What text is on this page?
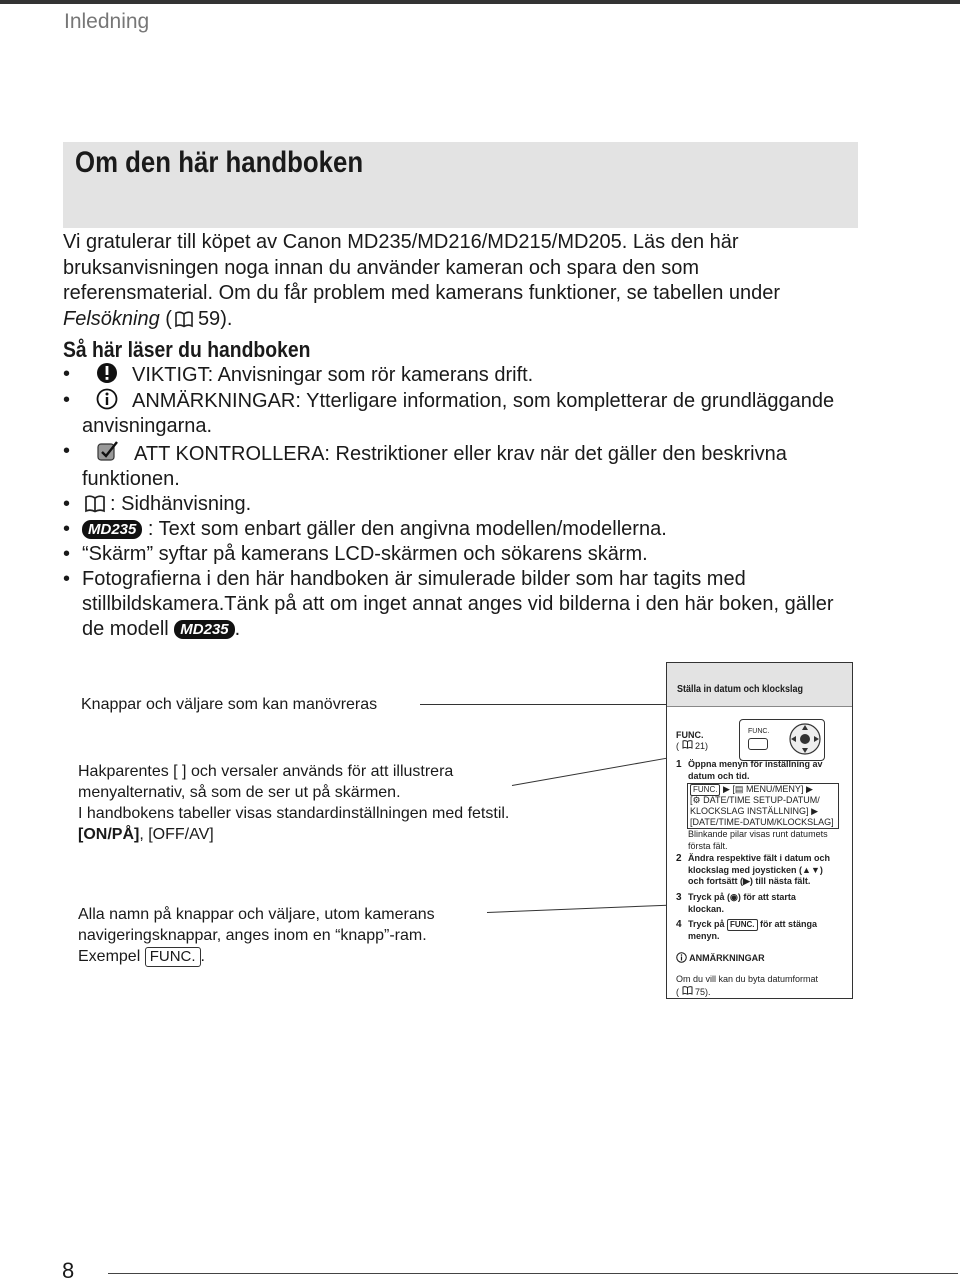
Inledning
Om den här handboken
Vi gratulerar till köpet av Canon MD235/MD216/MD215/MD205. Läs den här bruksanvisningen noga innan du använder kameran och spara den som referensmaterial. Om du får problem med kamerans funktioner, se tabellen under Felsökning ( 59).
Så här läser du handboken
• VIKTIGT: Anvisningar som rör kamerans drift.
• ANMÄRKNINGAR: Ytterligare information, som kompletterar de grundläggande anvisningarna.
• ATT KONTROLLERA: Restriktioner eller krav när det gäller den beskrivna funktionen.
• : Sidhänvisning.
• MD235 : Text som enbart gäller den angivna modellen/modellerna.
• “Skärm” syftar på kamerans LCD-skärmen och sökarens skärm.
• Fotografierna i den här handboken är simulerade bilder som har tagits med stillbildskamera.Tänk på att om inget annat anges vid bilderna i den här boken, gäller de modell MD235 .
Knappar och väljare som kan manövreras
Hakparentes [ ] och versaler används för att illustrera
menyalternativ, så som de ser ut på skärmen.
I handbokens tabeller visas standardinställningen med fetstil.
[ON/PÅ], [OFF/AV]
Alla namn på knappar och väljare, utom kamerans
navigeringsknappar, anges inom en “knapp”-ram.
Exempel FUNC. .
Ställa in datum och klockslag
FUNC.
(  21)
FUNC.
1 Öppna menyn för inställning av
datum och tid.
FUNC. ▶ [▤ MENU/MENY] ▶
[⚙ DATE/TIME SETUP-DATUM/
KLOCKSLAG INSTÄLLNING] ▶
[DATE/TIME-DATUM/KLOCKSLAG]
Blinkande pilar visas runt datumets
första fält.
2 Ändra respektive fält i datum och
klockslag med joysticken (▲▼)
och fortsätt (▶) till nästa fält.
3 Tryck på (◉) för att starta
klockan.
4 Tryck på FUNC. för att stänga
menyn.
ANMÄRKNINGAR
Om du vill kan du byta datumformat
(  75).
8
